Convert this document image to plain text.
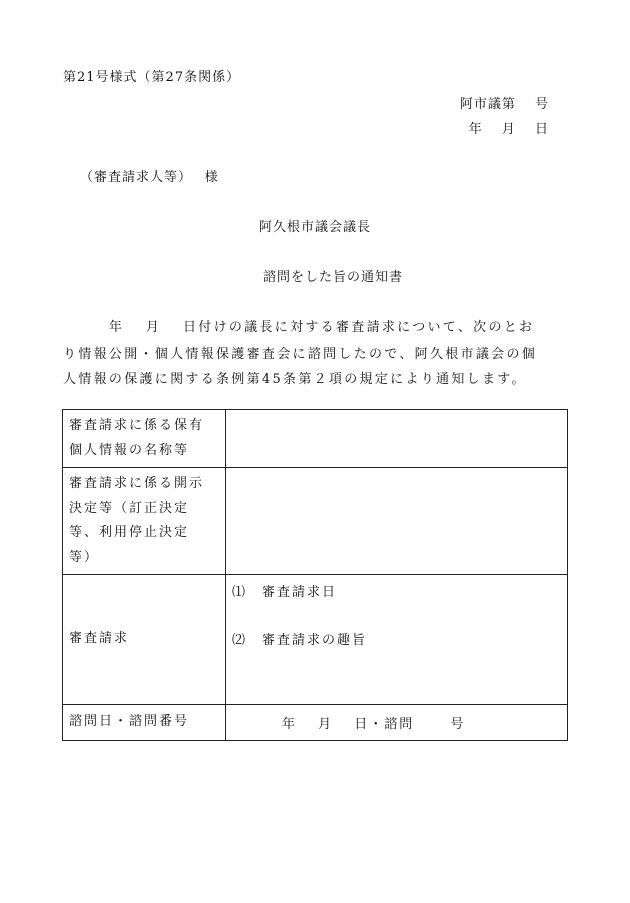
第21号様式（第27条関係）
阿市議第　 号
年　 月　 日
（審査請求人等）　 様
阿久根市議会議長
諮問をした旨の通知書
　　　年　 月　 日付けの議長に対する審査請求について、次のとお
り情報公開・個人情報保護審査会に諮問したので、阿久根市議会の個
人情報の保護に関する条例第45条第２項の規定により通知します。
審査請求に係る保有
個人情報の名称等	

審査請求に係る開示
決定等（訂正決定
等、利用停止決定
等）	

審査請求	⑴　審査請求日
⑵　審査請求の趣旨

諮問日・諮問番号	年　 月　 日・諮問　　 号
